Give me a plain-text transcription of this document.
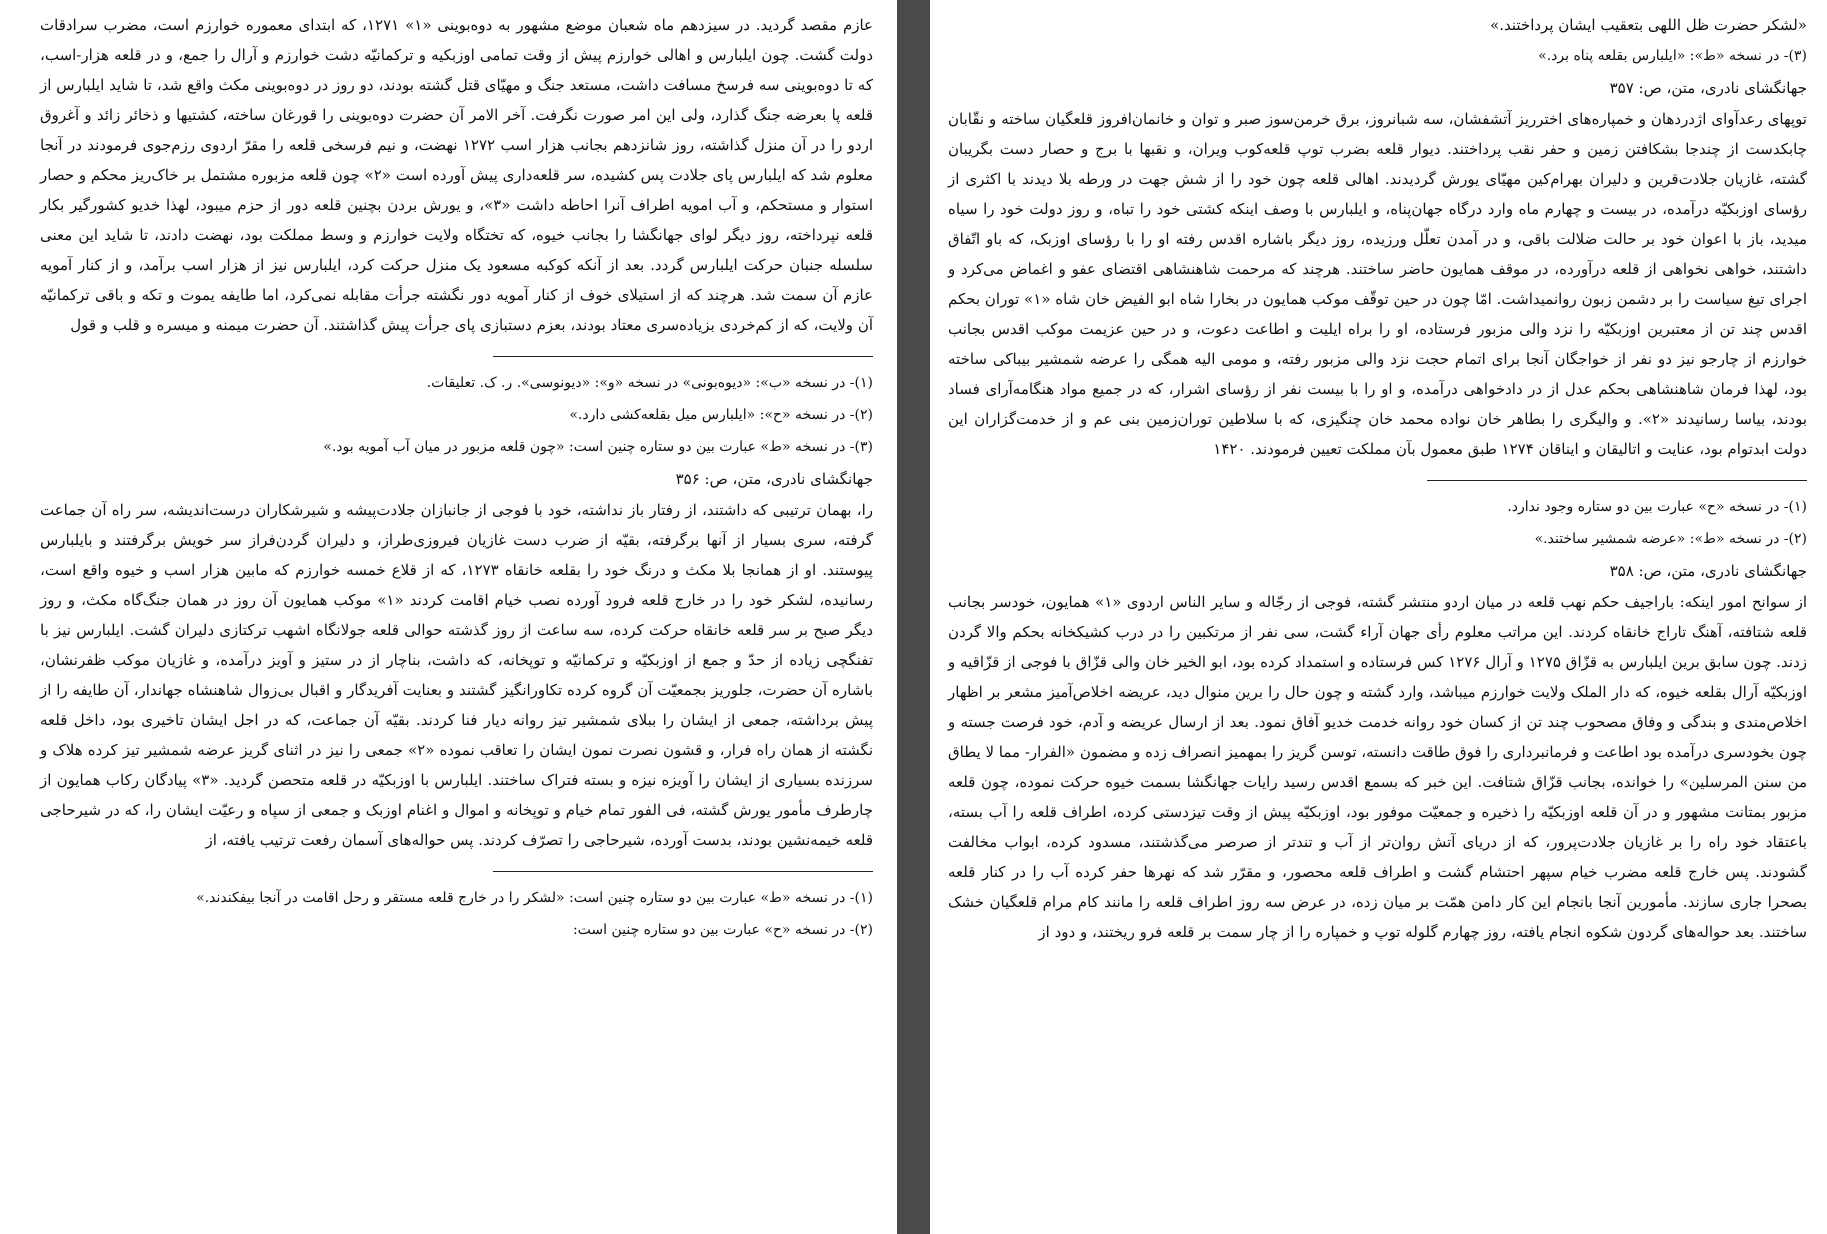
عازم مقصد گردید. در سیزدهم ماه شعبان موضع مشهور به دوه‌بوینی «۱» ۱۲۷۱، که ابتدای معموره خوارزم است، مضرب سرادقات دولت گشت. چون ایلبارس و اهالی خوارزم پیش از وقت تمامی اوزبکیه و ترکمانیّه دشت خوارزم و آرال را جمع، و در قلعه هزار-اسب، که تا دوه‌بوینی سه فرسخ مسافت داشت، مستعد جنگ و مهیّای قتل گشته بودند، دو روز در دوه‌بوینی مکث واقع شد، تا شاید ایلبارس از قلعه پا بعرضه جنگ گذارد، ولی این امر صورت نگرفت. آخر الامر آن حضرت دوه‌بوینی را قورغان ساخته، کشتیها و ذخائر زائد و آغروق اردو را در آن منزل گذاشته، روز شانزدهم بجانب هزار اسب ۱۲۷۲ نهضت، و نیم فرسخی قلعه را مقرّ اردوی رزم‌جوی فرمودند در آنجا معلوم شد که ایلبارس پای جلادت پس کشیده، سر قلعه‌داری پیش آورده است «۲» چون قلعه مزبوره مشتمل بر خاک‌ریز محکم و حصار استوار و مستحکم، و آب امویه اطراف آنرا احاطه داشت «۳»، و یورش بردن بچنین قلعه دور از حزم میبود، لهذا خدیو کشورگیر بکار قلعه نپرداخته، روز دیگر لوای جهانگشا را بجانب خیوه، که تختگاه ولایت خوارزم و وسط مملکت بود، نهضت دادند، تا شاید این معنی سلسله جنبان حرکت ایلبارس گردد. بعد از آنکه کوکبه مسعود یک منزل حرکت کرد، ایلبارس نیز از هزار اسب برآمد، و از کنار آمویه عازم آن سمت شد. هرچند که از استیلای خوف از کنار آمویه دور نگشته جرأت مقابله نمی‌کرد، اما طایفه یموت و تکه و باقی ترکمانیّه آن ولایت، که از کم‌خردی بزیاده‌سری معتاد بودند، بعزم دستبازی پای جرأت پیش گذاشتند. آن حضرت میمنه و میسره و قلب و قول

(۱)- در نسخه «ب»: «دیوه‌بونی» در نسخه «و»: «دیونوسی». ر. ک. تعلیقات.

(۲)- در نسخه «ح»: «ایلبارس میل بقلعه‌کشی دارد.»

(۳)- در نسخه «ط» عبارت بین دو ستاره چنین است: «چون قلعه مزبور در میان آب آمویه بود.»

جهانگشای نادری، متن، ص: ۳۵۶

را، بهمان ترتیبی که داشتند، از رفتار باز نداشته، خود با فوجی از جانبازان جلادت‌پیشه و شیرشکاران درست‌اندیشه، سر راه آن جماعت گرفته، سری بسیار از آنها برگرفته، بقیّه از ضرب دست غازیان فیروزی‌طراز، و دلیران گردن‌فراز سر خویش برگرفتند و بایلبارس پیوستند. او از همانجا بلا مکث و درنگ خود را بقلعه خانقاه ۱۲۷۳، که از قلاع خمسه خوارزم که مابین هزار اسب و خیوه واقع است، رسانیده، لشکر خود را در خارج قلعه فرود آورده نصب خیام اقامت کردند «۱» موکب همایون آن روز در همان جنگ‌گاه مکث، و روز دیگر صبح بر سر قلعه خانقاه حرکت کرده، سه ساعت از روز گذشته حوالی قلعه جولانگاه اشهب ترکتازی دلیران گشت. ایلبارس نیز با تفنگچی زیاده از حدّ و جمع از اوزبکیّه و ترکمانیّه و توپخانه، که داشت، بناچار از در ستیز و آویز درآمده، و غازیان موکب ظفرنشان، باشاره آن حضرت، جلوریز بجمعیّت آن گروه کرده تکاورانگیز گشتند و بعنایت آفریدگار و اقبال بی‌زوال شاهنشاه جهاندار، آن طایفه را از پیش برداشته، جمعی از ایشان را ببلای شمشیر تیز روانه دیار فنا کردند. بقیّه آن جماعت، که در اجل ایشان تاخیری بود، داخل قلعه نگشته از همان راه فرار، و قشون نصرت نمون ایشان را تعاقب نموده «۲» جمعی را نیز در اثنای گریز عرضه شمشیر تیز کرده هلاک و سرزنده بسیاری از ایشان را آویزه نیزه و بسته فتراک ساختند. ایلبارس با اوزبکیّه در قلعه متحصن گردید. «۳» پیادگان رکاب همایون از چارطرف مأمور یورش گشته، فی الفور تمام خیام و توپخانه و اموال و اغنام اوزبک و جمعی از سپاه و رعیّت ایشان را، که در شیرحاجی قلعه خیمه‌نشین بودند، بدست آورده، شیرحاجی را تصرّف کردند. پس حواله‌های آسمان رفعت ترتیب یافته، از

(۱)- در نسخه «ط» عبارت بین دو ستاره چنین است: «لشکر را در خارج قلعه مستقر و رحل اقامت در آنجا بیفکندند.»

(۲)- در نسخه «ح» عبارت بین دو ستاره چنین است:

«لشکر حضرت ظل اللهی بتعقیب ایشان پرداختند.»

(۳)- در نسخه «ط»: «ایلبارس بقلعه پناه برد.»

جهانگشای نادری، متن، ص: ۳۵۷

توپهای رعدآوای اژدردهان و خمپاره‌های اخترریز آتشفشان، سه شبانروز، برق خرمن‌سوز صبر و توان و خانمان‌افروز قلعگیان ساخته و نقّابان چابکدست از چندجا بشکافتن زمین و حفر نقب پرداختند. دیوار قلعه بضرب توپ قلعه‌کوب ویران، و نقبها با برج و حصار دست بگریبان گشته، غازیان جلادت‌قرین و دلیران بهرام‌کین مهیّای یورش گردیدند. اهالی قلعه چون خود را از شش جهت در ورطه بلا دیدند با اکثری از رؤسای اوزبکیّه درآمده، در بیست و چهارم ماه وارد درگاه جهان‌پناه، و ایلبارس با وصف اینکه کشتی خود را تباه، و روز دولت خود را سیاه میدید، باز با اعوان خود بر حالت ضلالت باقی، و در آمدن تعلّل ورزیده، روز دیگر باشاره اقدس رفته او را با رؤسای اوزبک، که باو اتّفاق داشتند، خواهی نخواهی از قلعه درآورده، در موقف همایون حاضر ساختند. هرچند که مرحمت شاهنشاهی اقتضای عفو و اغماض می‌کرد و اجرای تیغ سیاست را بر دشمن زبون روانمیداشت. امّا چون در حین توقّف موکب همایون در بخارا شاه ابو الفیض خان شاه «۱» توران بحکم اقدس چند تن از معتبرین اوزبکیّه را نزد والی مزبور فرستاده، او را براه ایلیت و اطاعت دعوت، و در حین عزیمت موکب اقدس بجانب خوارزم از چارجو نیز دو نفر از خواجگان آنجا برای اتمام حجت نزد والی مزبور رفته، و مومی الیه همگی را عرضه شمشیر بیباکی ساخته بود، لهذا فرمان شاهنشاهی بحکم عدل از در دادخواهی درآمده، و او را با بیست نفر از رؤسای اشرار، که در جمیع مواد هنگامه‌آرای فساد بودند، بیاسا رسانیدند «۲». و والیگری را بطاهر خان نواده محمد خان چنگیزی، که با سلاطین توران‌زمین بنی عم و از خدمت‌گزاران این دولت ابدتوام بود، عنایت و اتالیقان و ایناقان ۱۲۷۴ طبق معمول بآن مملکت تعیین فرمودند. ۱۴۲۰

(۱)- در نسخه «ح» عبارت بین دو ستاره وجود ندارد.

(۲)- در نسخه «ط»: «عرضه شمشیر ساختند.»

جهانگشای نادری، متن، ص: ۳۵۸

از سوانح امور اینکه: باراجیف حکم نهب قلعه در میان اردو منتشر گشته، فوجی از رجّاله و سایر الناس اردوی «۱» همایون، خودسر بجانب قلعه شتافته، آهنگ تاراج خانقاه کردند. این مراتب معلوم رأی جهان آراء گشت، سی نفر از مرتکبین را در درب کشیکخانه بحکم والا گردن زدند. چون سابق برین ایلبارس به قزّاق ۱۲۷۵ و آرال ۱۲۷۶ کس فرستاده و استمداد کرده بود، ابو الخیر خان والی قزّاق با فوجی از قزّاقیه و اوزبکیّه آرال بقلعه خیوه، که دار الملک ولایت خوارزم میباشد، وارد گشته و چون حال را برین منوال دید، عریضه اخلاص‌آمیز مشعر بر اظهار اخلاص‌مندی و بندگی و وفاق مصحوب چند تن از کسان خود روانه خدمت خدیو آفاق نمود. بعد از ارسال عریضه و آدم، خود فرصت جسته و چون بخودسری درآمده بود اطاعت و فرمانبرداری را فوق طاقت دانسته، توسن گریز را بمهمیز انصراف زده و مضمون «الفرار- مما لا یطاق من سنن المرسلین» را خوانده، بجانب قزّاق شتافت. این خبر که بسمع اقدس رسید رایات جهانگشا بسمت خیوه حرکت نموده، چون قلعه مزبور بمتانت مشهور و در آن قلعه اوزبکیّه را ذخیره و جمعیّت موفور بود، اوزبکیّه پیش از وقت تیزدستی کرده، اطراف قلعه را آب بسته، باعتقاد خود راه را بر غازیان جلادت‌پرور، که از دریای آتش روان‌تر از آب و تندتر از صرصر می‌گذشتند، مسدود کرده، ابواب مخالفت گشودند. پس خارج قلعه مضرب خیام سپهر احتشام گشت و اطراف قلعه محصور، و مقرّر شد که نهرها حفر کرده آب را در کنار قلعه بصحرا جاری سازند. مأمورین آنجا بانجام این کار دامن همّت بر میان زده، در عرض سه روز اطراف قلعه را مانند کام مرام قلعگیان خشک ساختند. بعد حواله‌های گردون شکوه انجام یافته، روز چهارم گلوله توپ و خمپاره را از چار سمت بر قلعه فرو ریختند، و دود از
